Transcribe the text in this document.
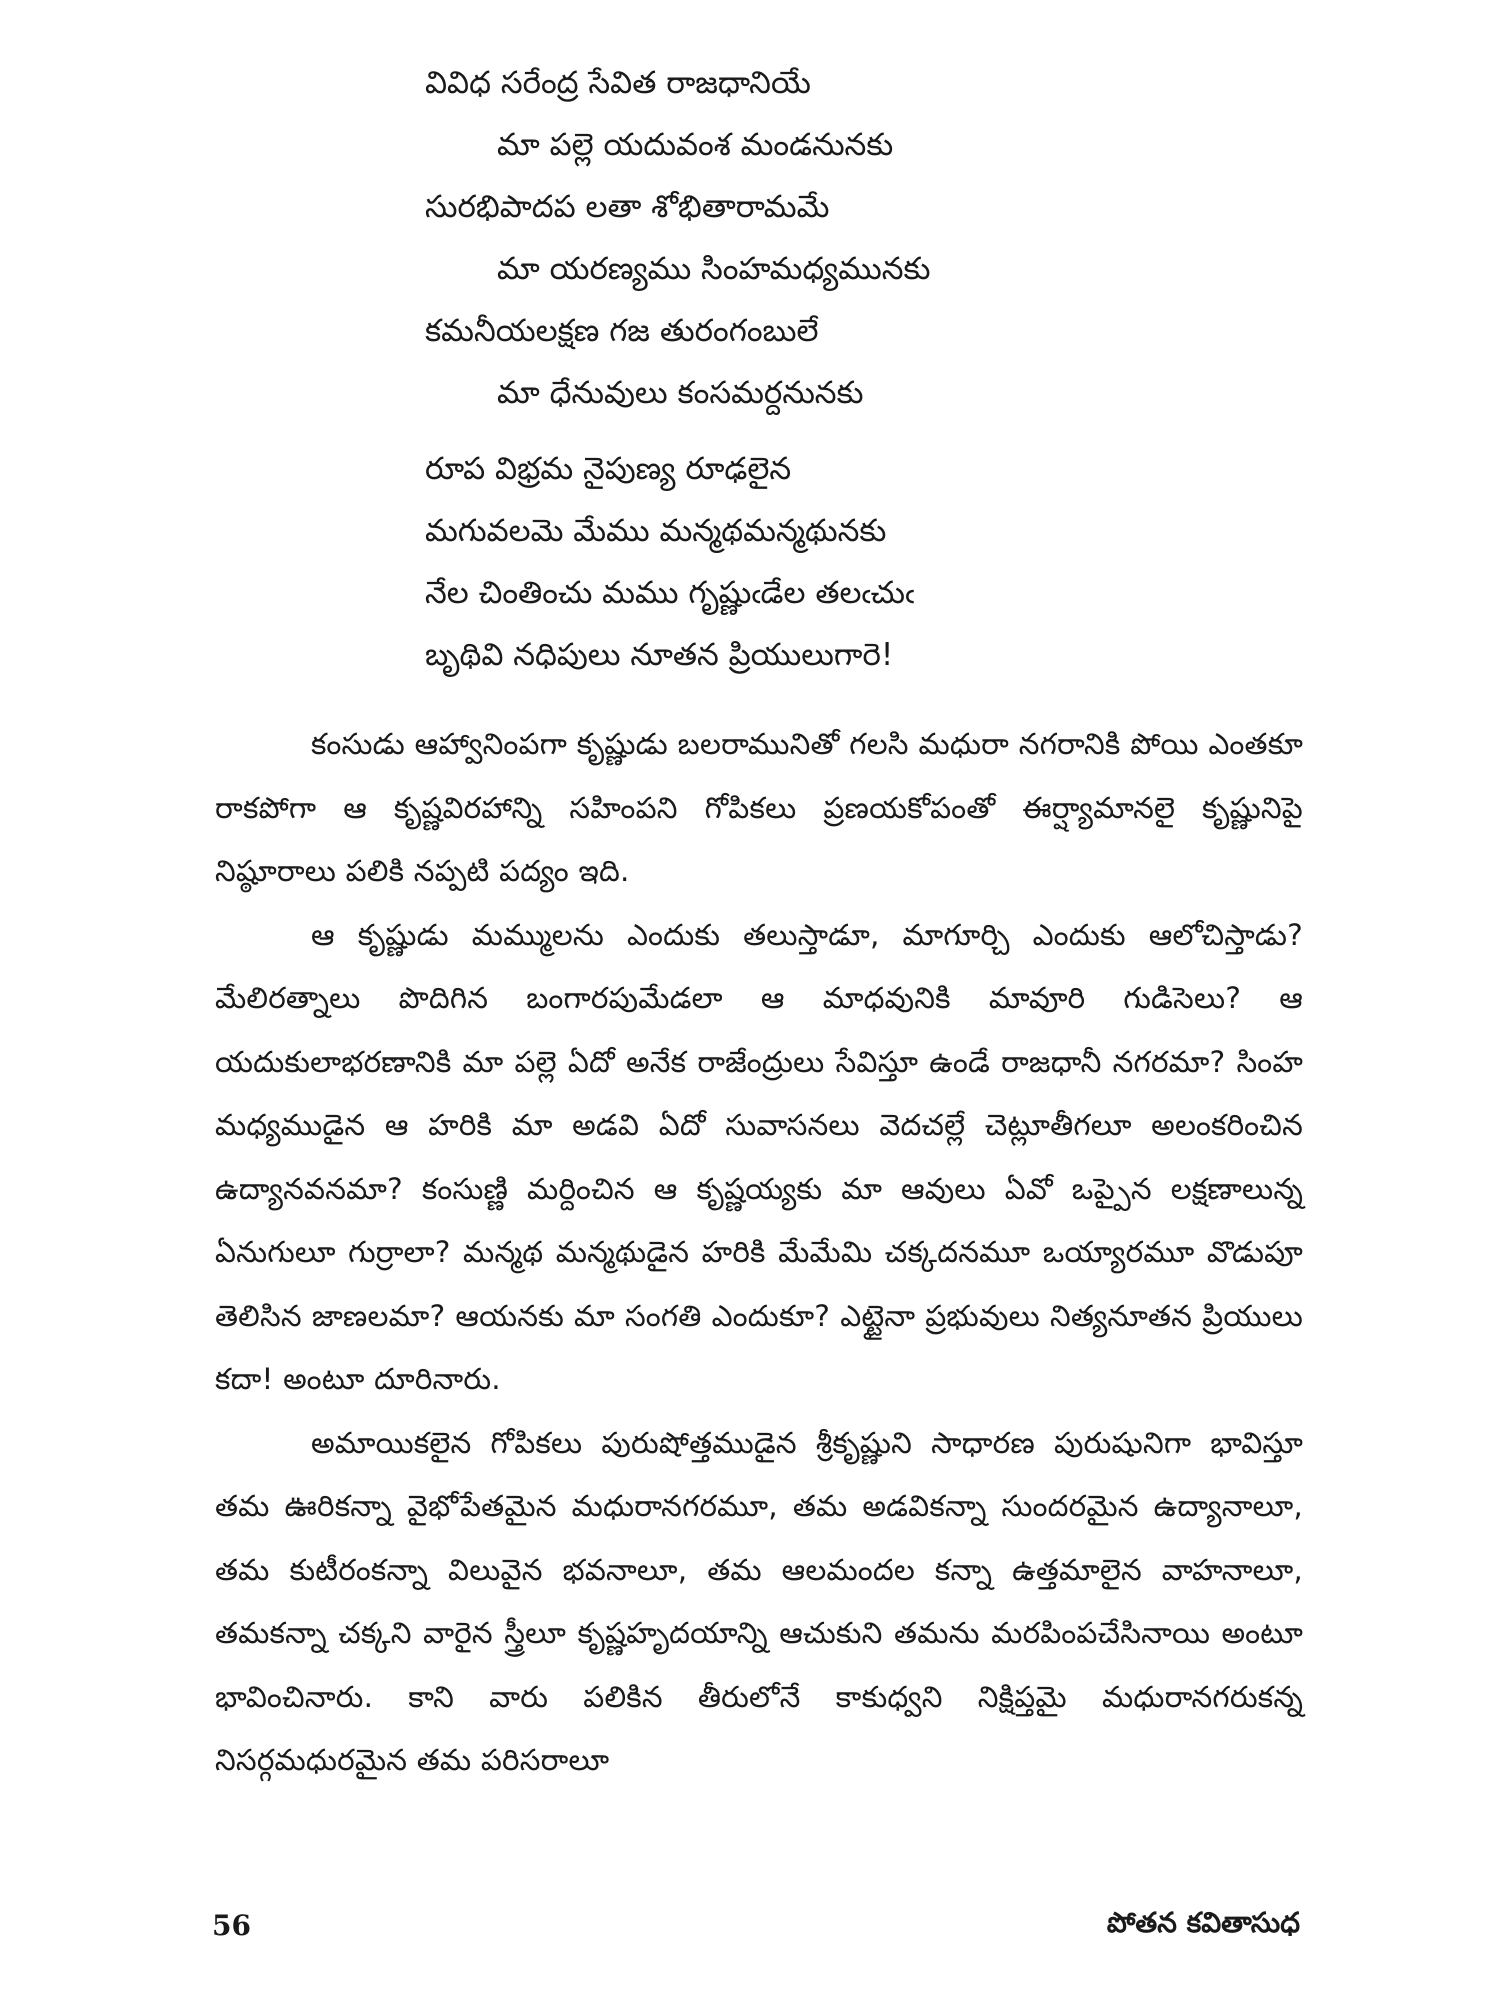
వివిధ సరేంద్ర సేవిత రాజధానియే
మా పల్లె యదువంశ మండనునకు
సురభిపాదప లతా శోభితారామమే
మా యరణ్యము సింహమధ్యమునకు
కమనీయలక్షణ గజ తురంగంబులే
మా ధేనువులు కంసమర్దనునకు
రూప విభ్రమ నైపుణ్య రూఢలైన
మగువలమె మేము మన్మథమన్మథునకు
నేల చింతించు మము గృష్ణుఁడేల తలఁచుఁ
బృథివి నధిపులు నూతన ప్రియులుగారె!

కంసుడు ఆహ్వానింపగా కృష్ణుడు బలరామునితో గలసి మధురా నగరానికి పోయి ఎంతకూ రాకపోగా ఆ కృష్ణవిరహాన్ని సహింపని గోపికలు ప్రణయకోపంతో ఈర్ష్యామానలై కృష్ణునిపై నిష్ఠూరాలు పలికి నప్పటి పద్యం ఇది.

ఆ కృష్ణుడు మమ్ములను ఎందుకు తలుస్తాడూ, మాగూర్చి ఎందుకు ఆలోచిస్తాడు? మేలిరత్నాలు పొదిగిన బంగారపుమేడలా ఆ మాధవునికి మావూరి గుడిసెలు? ఆ యదుకులాభరణానికి మా పల్లె ఏదో అనేక రాజేంద్రులు సేవిస్తూ ఉండే రాజధానీ నగరమా? సింహ మధ్యముడైన ఆ హరికి మా అడవి ఏదో సువాసనలు వెదచల్లే చెట్లూతీగలూ అలంకరించిన ఉద్యానవనమా? కంసుణ్ణి మర్దించిన ఆ కృష్ణయ్యకు మా ఆవులు ఏవో ఒప్పైన లక్షణాలున్న ఏనుగులూ గుర్రాలా? మన్మథ మన్మథుడైన హరికి మేమేమి చక్కదనమూ ఒయ్యారమూ వొడుపూ తెలిసిన జాణలమా? ఆయనకు మా సంగతి ఎందుకూ? ఎట్టైనా ప్రభువులు నిత్యనూతన ప్రియులు కదా! అంటూ దూరినారు.

అమాయికలైన గోపికలు పురుషోత్తముడైన శ్రీకృష్ణుని సాధారణ పురుషునిగా భావిస్తూ తమ ఊరికన్నా వైభోపేతమైన మధురానగరమూ, తమ అడవికన్నా సుందరమైన ఉద్యానాలూ, తమ కుటీరంకన్నా విలువైన భవనాలూ, తమ ఆలమందల కన్నా ఉత్తమాలైన వాహనాలూ, తమకన్నా చక్కని వారైన స్త్రీలూ కృష్ణహృదయాన్ని ఆచుకుని తమను మరపింపచేసినాయి అంటూ భావించినారు. కాని వారు పలికిన తీరులోనే కాకుధ్వని నిక్షిప్తమై మధురానగరుకన్న నిసర్గమధురమైన తమ పరిసరాలూ

56	పోతన కవితాసుధ
